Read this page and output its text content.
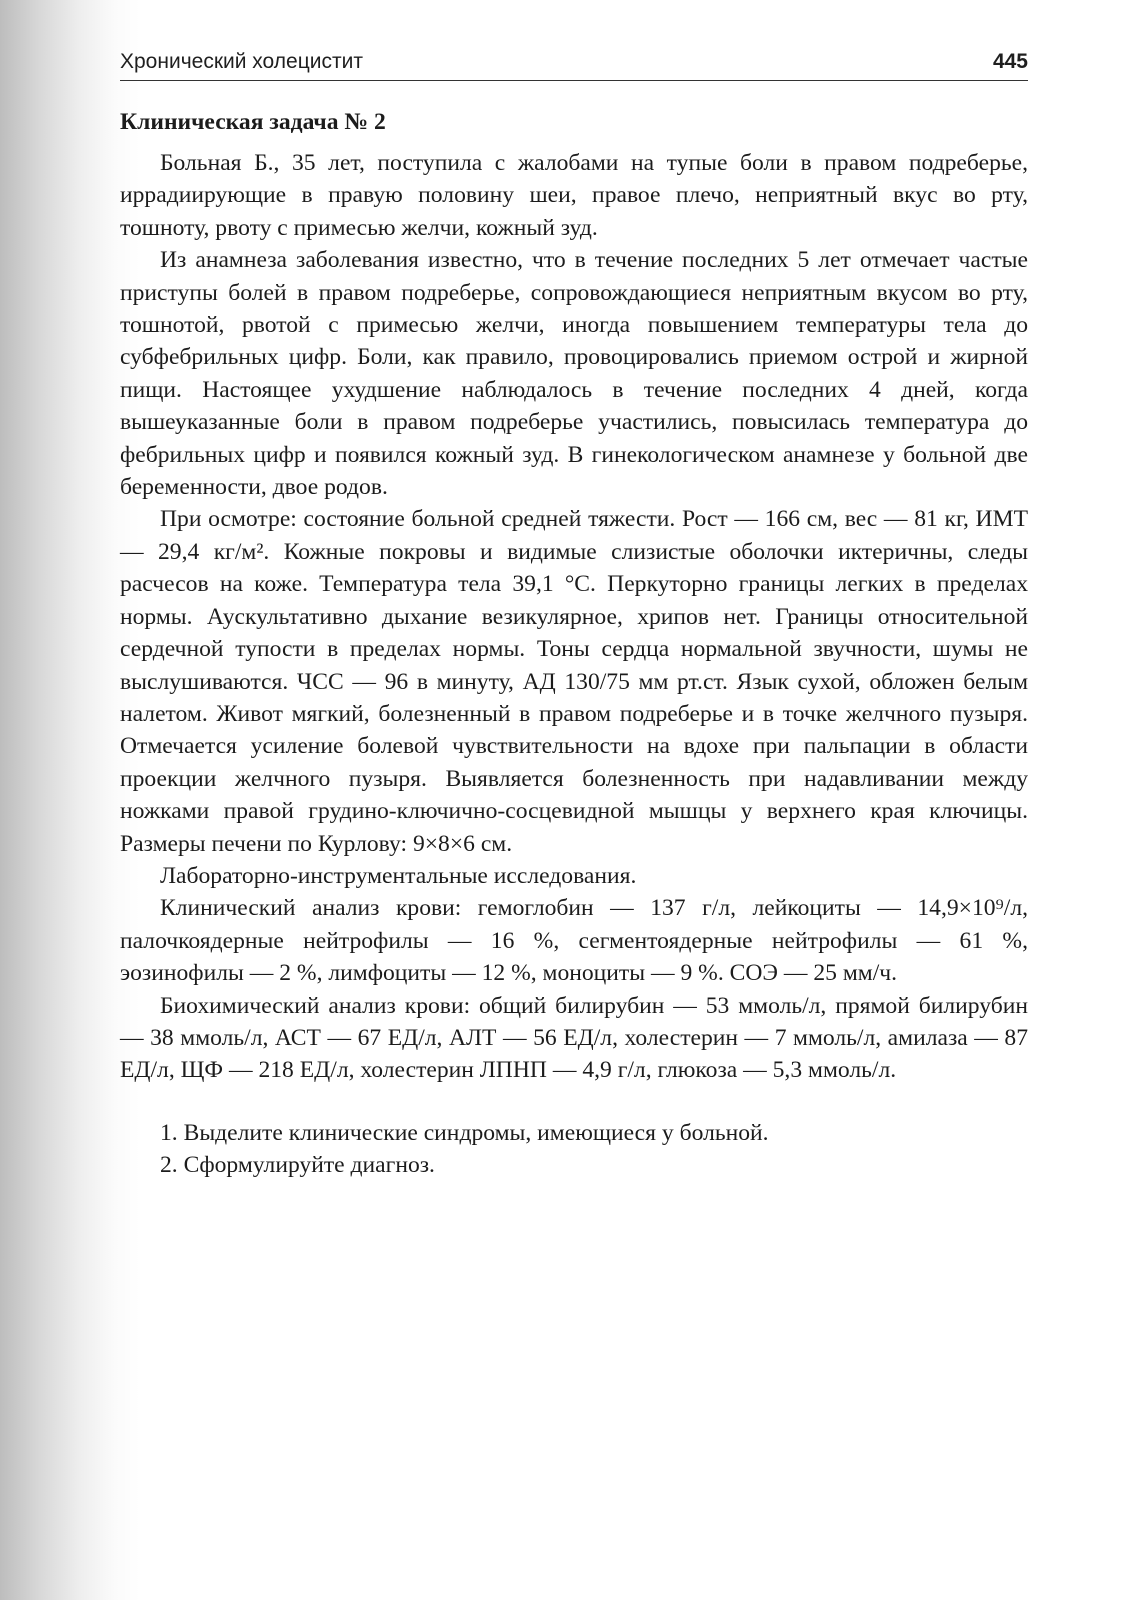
Хронический холецистит	445
Клиническая задача № 2

Больная Б., 35 лет, поступила с жалобами на тупые боли в правом подреберье, иррадиирующие в правую половину шеи, правое плечо, неприятный вкус во рту, тошноту, рвоту с примесью желчи, кожный зуд.

Из анамнеза заболевания известно, что в течение последних 5 лет отмечает частые приступы болей в правом подреберье, сопровождающиеся неприятным вкусом во рту, тошнотой, рвотой с примесью желчи, иногда повышением температуры тела до субфебрильных цифр. Боли, как правило, провоцировались приемом острой и жирной пищи. Настоящее ухудшение наблюдалось в течение последних 4 дней, когда вышеуказанные боли в правом подреберье участились, повысилась температура до фебрильных цифр и появился кожный зуд. В гинекологическом анамнезе у больной две беременности, двое родов.

При осмотре: состояние больной средней тяжести. Рост — 166 см, вес — 81 кг, ИМТ — 29,4 кг/м². Кожные покровы и видимые слизистые оболочки иктеричны, следы расчесов на коже. Температура тела 39,1 °С. Перкуторно границы легких в пределах нормы. Аускультативно дыхание везикулярное, хрипов нет. Границы относительной сердечной тупости в пределах нормы. Тоны сердца нормальной звучности, шумы не выслушиваются. ЧСС — 96 в минуту, АД 130/75 мм рт.ст. Язык сухой, обложен белым налетом. Живот мягкий, болезненный в правом подреберье и в точке желчного пузыря. Отмечается усиление болевой чувствительности на вдохе при пальпации в области проекции желчного пузыря. Выявляется болезненность при надавливании между ножками правой грудино-ключично-сосцевидной мышцы у верхнего края ключицы. Размеры печени по Курлову: 9×8×6 см.

Лабораторно-инструментальные исследования.

Клинический анализ крови: гемоглобин — 137 г/л, лейкоциты — 14,9×10⁹/л, палочкоядерные нейтрофилы — 16 %, сегментоядерные нейтрофилы — 61 %, эозинофилы — 2 %, лимфоциты — 12 %, моноциты — 9 %. СОЭ — 25 мм/ч.

Биохимический анализ крови: общий билирубин — 53 ммоль/л, прямой билирубин — 38 ммоль/л, АСТ — 67 ЕД/л, АЛТ — 56 ЕД/л, холестерин — 7 ммоль/л, амилаза — 87 ЕД/л, ЩФ — 218 ЕД/л, холестерин ЛПНП — 4,9 г/л, глюкоза — 5,3 ммоль/л.

1. Выделите клинические синдромы, имеющиеся у больной.

2. Сформулируйте диагноз.
